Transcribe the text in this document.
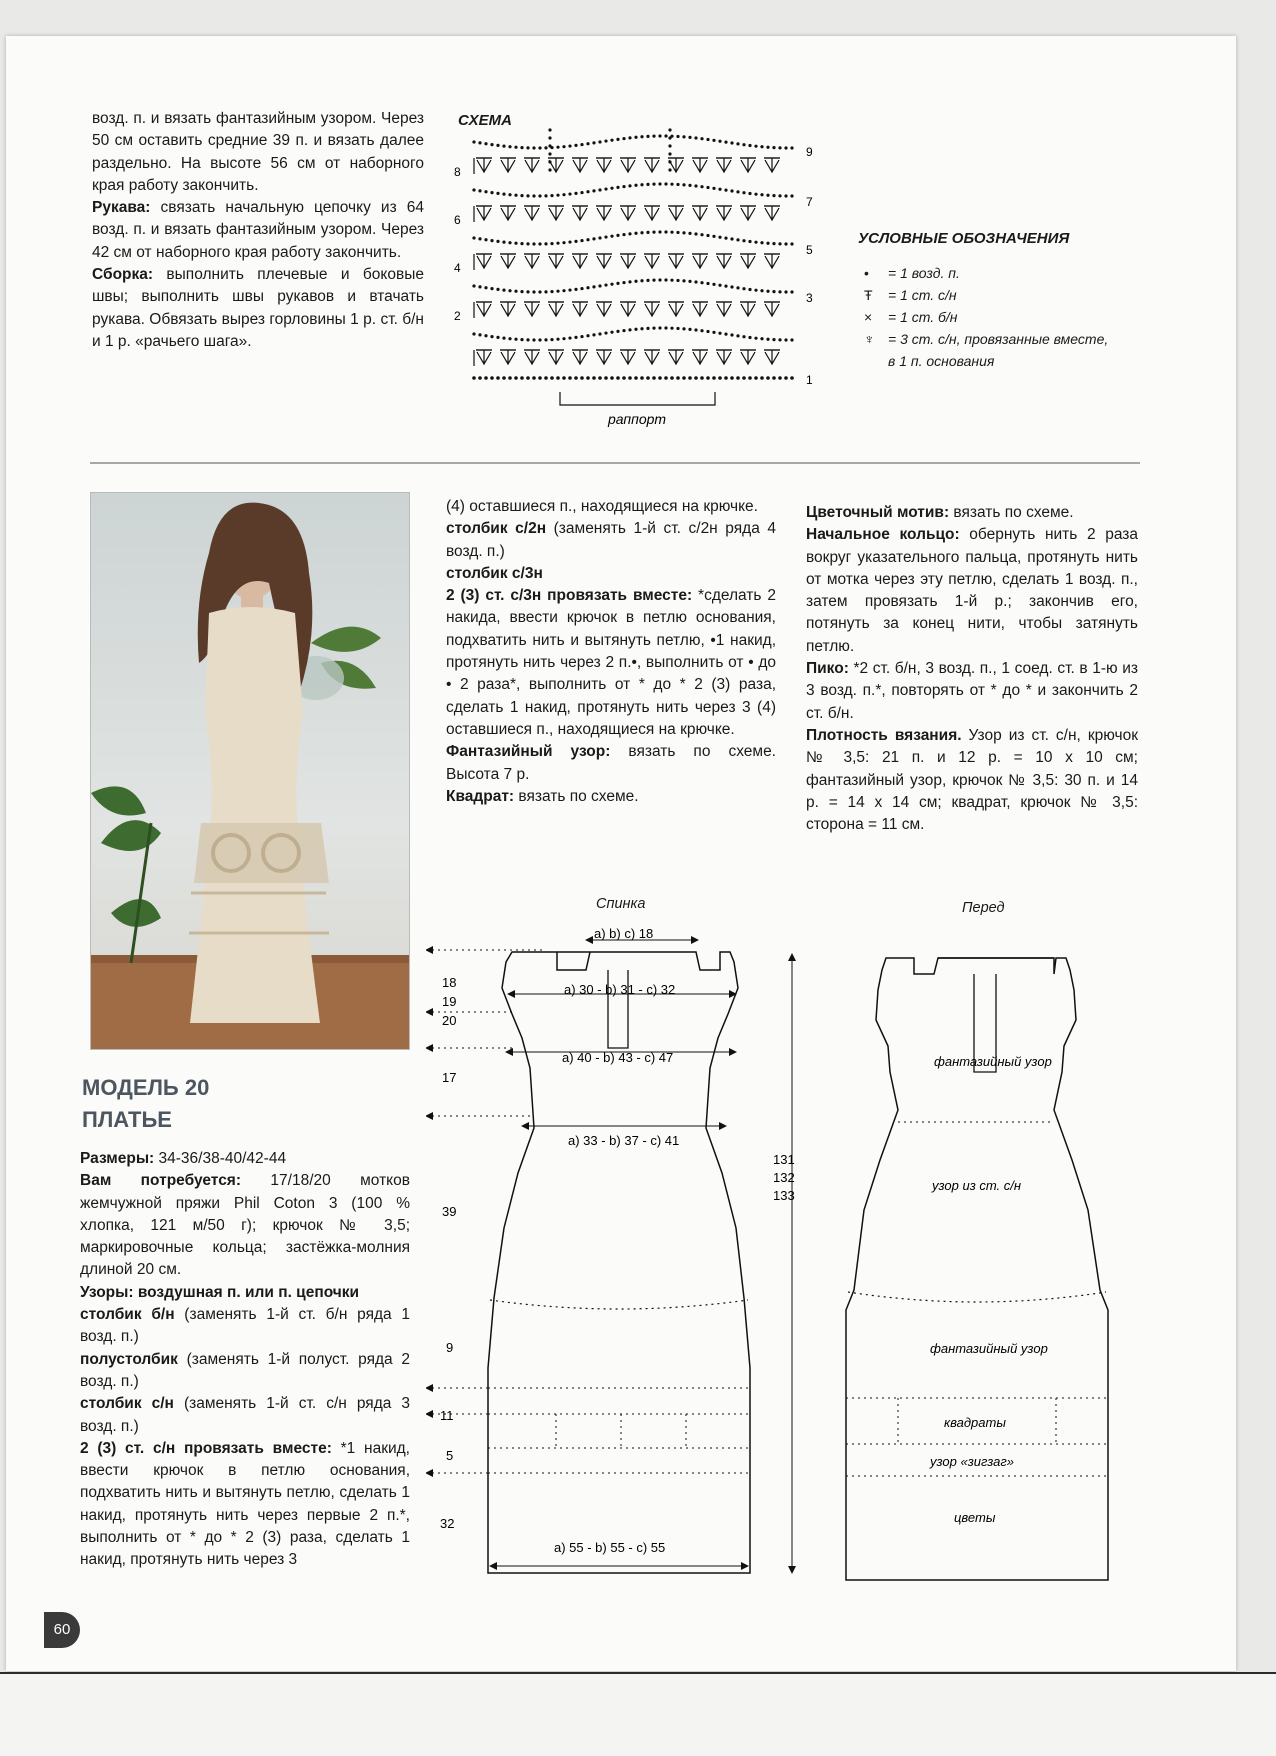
возд. п. и вязать фантазийным узором. Через 50 см оставить средние 39 п. и вязать далее раздельно. На высоте 56 см от наборного края работу закончить.

Рукава: связать начальную цепочку из 64 возд. п. и вязать фантазийным узором. Через 42 см от наборного края работу закончить.

Сборка: выполнить плечевые и боковые швы; выполнить швы рукавов и втачать рукава. Обвязать вырез горловины 1 р. ст. б/н и 1 р. «рачьего шага».

СХЕМА
8
6
4
2
9
7
5
3
1
раппорт
УСЛОВНЫЕ ОБОЗНАЧЕНИЯ
• = 1 возд. п.
Ŧ = 1 ст. с/н
× = 1 ст. б/н
♆ = 3 ст. с/н, провязанные вместе, в 1 п. основания
МОДЕЛЬ 20
ПЛАТЬЕ

Размеры: 34-36/38-40/42-44

Вам потребуется: 17/18/20 мотков жемчужной пряжи Phil Coton 3 (100 % хлопка, 121 м/50 г); крючок № 3,5; маркировочные кольца; застёжка-молния длиной 20 см.

Узоры: воздушная п. или п. цепочки

столбик б/н (заменять 1-й ст. б/н ряда 1 возд. п.)

полустолбик (заменять 1-й полуст. ряда 2 возд. п.)

столбик с/н (заменять 1-й ст. с/н ряда 3 возд. п.)

2 (3) ст. с/н провязать вместе: *1 накид, ввести крючок в петлю основания, подхватить нить и вытянуть петлю, сделать 1 накид, протянуть нить через первые 2 п.*, выполнить от * до * 2 (3) раза, сделать 1 накид, протянуть нить через 3

(4) оставшиеся п., находящиеся на крючке.

столбик с/2н (заменять 1-й ст. с/2н ряда 4 возд. п.)

столбик с/3н

2 (3) ст. с/3н провязать вместе: *сделать 2 накида, ввести крючок в петлю основания, подхватить нить и вытянуть петлю, •1 накид, протянуть нить через 2 п.•, выполнить от • до • 2 раза*, выполнить от * до * 2 (3) раза, сделать 1 накид, протянуть нить через 3 (4) оставшиеся п., находящиеся на крючке.

Фантазийный узор: вязать по схеме. Высота 7 р.

Квадрат: вязать по схеме.

Цветочный мотив: вязать по схеме.

Начальное кольцо: обернуть нить 2 раза вокруг указательного пальца, протянуть нить от мотка через эту петлю, сделать 1 возд. п., затем провязать 1-й р.; закончив его, потянуть за конец нити, чтобы затянуть петлю.

Пико: *2 ст. б/н, 3 возд. п., 1 соед. ст. в 1-ю из 3 возд. п.*, повторять от * до * и закончить 2 ст. б/н.

Плотность вязания. Узор из ст. с/н, крючок № 3,5: 21 п. и 12 р. = 10 х 10 см; фантазийный узор, крючок № 3,5: 30 п. и 14 р. = 14 х 14 см; квадрат, крючок № 3,5: сторона = 11 см.

Спинка
a) b) c) 18
a) 30 - b) 31 - c) 32
a) 40 - b) 43 - c) 47
a) 33 - b) 37 - c) 41
a) 55 - b) 55 - c) 55
18
19
20
17
39
9
11
5
32
131
132
133
Перед
фантазийный узор
узор из ст. с/н
фантазийный узор
квадраты
узор «зигзаг»
цветы
60
